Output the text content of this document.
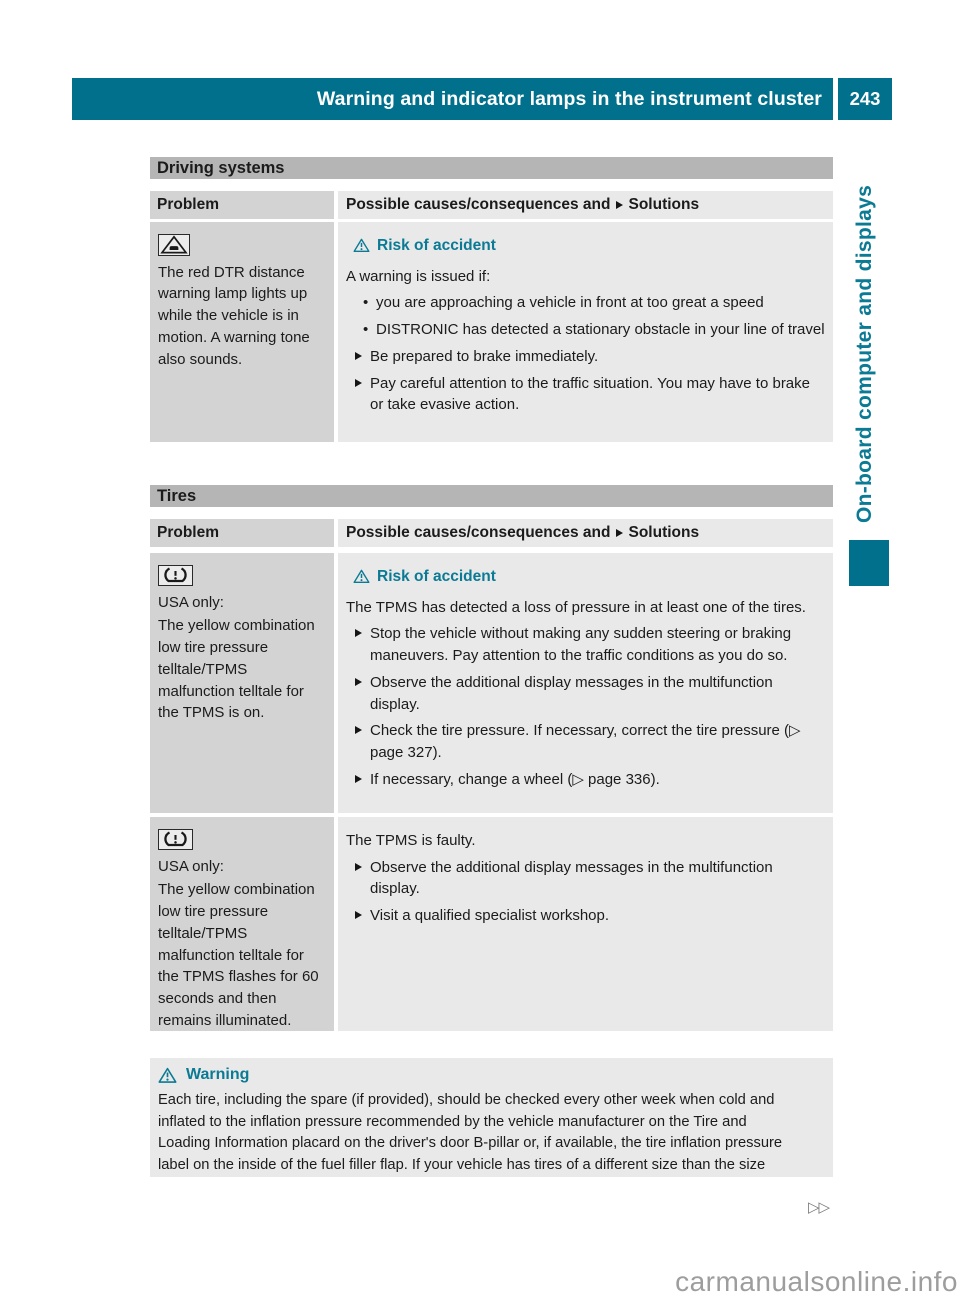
Warning and indicator lamps in the instrument cluster 243
On-board computer and displays
Driving systems
Problem	Possible causes/consequences and Solutions
The red DTR distance warning lamp lights up while the vehicle is in motion. A warning tone also sounds.
Risk of accident
A warning is issued if:
• you are approaching a vehicle in front at too great a speed
• DISTRONIC has detected a stationary obstacle in your line of travel
Be prepared to brake immediately.
Pay careful attention to the traffic situation. You may have to brake or take evasive action.
Tires
Problem	Possible causes/consequences and Solutions
USA only:
The yellow combination low tire pressure telltale/TPMS malfunction telltale for the TPMS is on.
Risk of accident
The TPMS has detected a loss of pressure in at least one of the tires.
Stop the vehicle without making any sudden steering or braking maneuvers. Pay attention to the traffic conditions as you do so.
Observe the additional display messages in the multifunction display.
Check the tire pressure. If necessary, correct the tire pressure (▷ page 327).
If necessary, change a wheel (▷ page 336).
USA only:
The yellow combination low tire pressure telltale/TPMS malfunction telltale for the TPMS flashes for 60 seconds and then remains illuminated.
The TPMS is faulty.
Observe the additional display messages in the multifunction display.
Visit a qualified specialist workshop.
Warning
Each tire, including the spare (if provided), should be checked every other week when cold and
inflated to the inflation pressure recommended by the vehicle manufacturer on the Tire and
Loading Information placard on the driver's door B-pillar or, if available, the tire inflation pressure
label on the inside of the fuel filler flap. If your vehicle has tires of a different size than the size
▷▷
carmanualsonline.info
